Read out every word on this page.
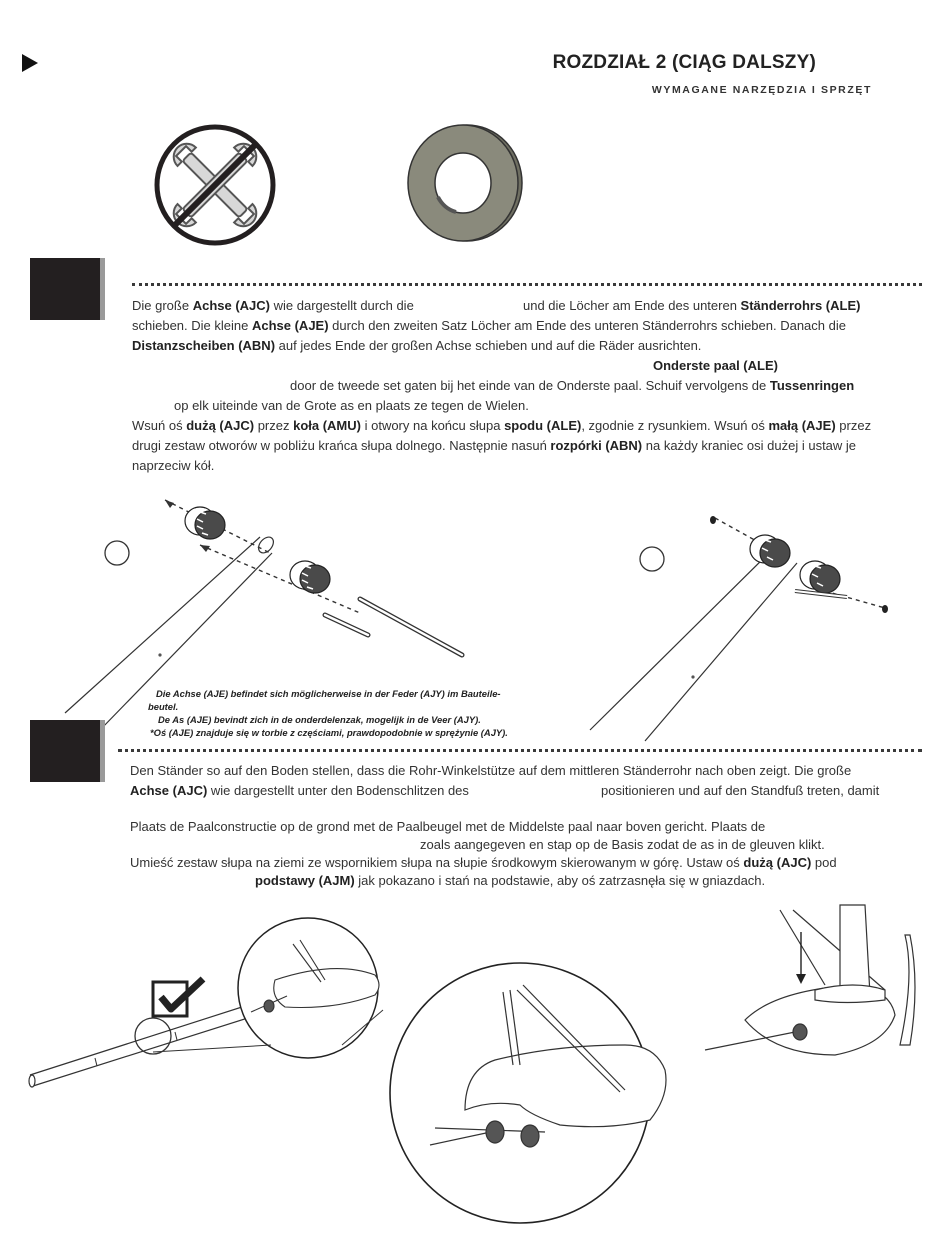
ROZDZIAŁ 2 (CIĄG DALSZY)
WYMAGANE NARZĘDZIA I SPRZĘT
Die große Achse (AJC) wie dargestellt durch die	und die Löcher am Ende des unteren Ständerrohrs (ALE)
schieben. Die kleine Achse (AJE) durch den zweiten Satz Löcher am Ende des unteren Ständerrohrs schieben. Danach die
Distanzscheiben (ABN) auf jedes Ende der großen Achse schieben und auf die Räder ausrichten.
Onderste paal (ALE)
door de tweede set gaten bij het einde van de Onderste paal. Schuif vervolgens de Tussenringen
op elk uiteinde van de Grote as en plaats ze tegen de Wielen.
Wsuń oś dużą (AJC) przez koła (AMU) i otwory na końcu słupa spodu (ALE), zgodnie z rysunkiem. Wsuń oś małą (AJE) przez
drugi zestaw otworów w pobliżu krańca słupa dolnego. Następnie nasuń rozpórki (ABN) na każdy kraniec osi dużej i ustaw je
naprzeciw kół.
Die Achse (AJE) befindet sich möglicherweise in der Feder (AJY) im Bauteile-
beutel.
De As (AJE) bevindt zich in de onderdelenzak, mogelijk in de Veer (AJY).
*Oś (AJE) znajduje się w torbie z częściami, prawdopodobnie w sprężynie (AJY).
Den Ständer so auf den Boden stellen, dass die Rohr-Winkelstütze auf dem mittleren Ständerrohr nach oben zeigt. Die große
Achse (AJC) wie dargestellt unter den Bodenschlitzen des	positionieren und auf den Standfuß treten, damit
Plaats de Paalconstructie op de grond met de Paalbeugel met de Middelste paal naar boven gericht. Plaats de
zoals aangegeven en stap op de Basis zodat de as in de gleuven klikt.
Umieść zestaw słupa na ziemi ze wspornikiem słupa na słupie środkowym skierowanym w górę. Ustaw oś dużą (AJC) pod
podstawy (AJM) jak pokazano i stań na podstawie, aby oś zatrzasnęła się w gniazdach.
